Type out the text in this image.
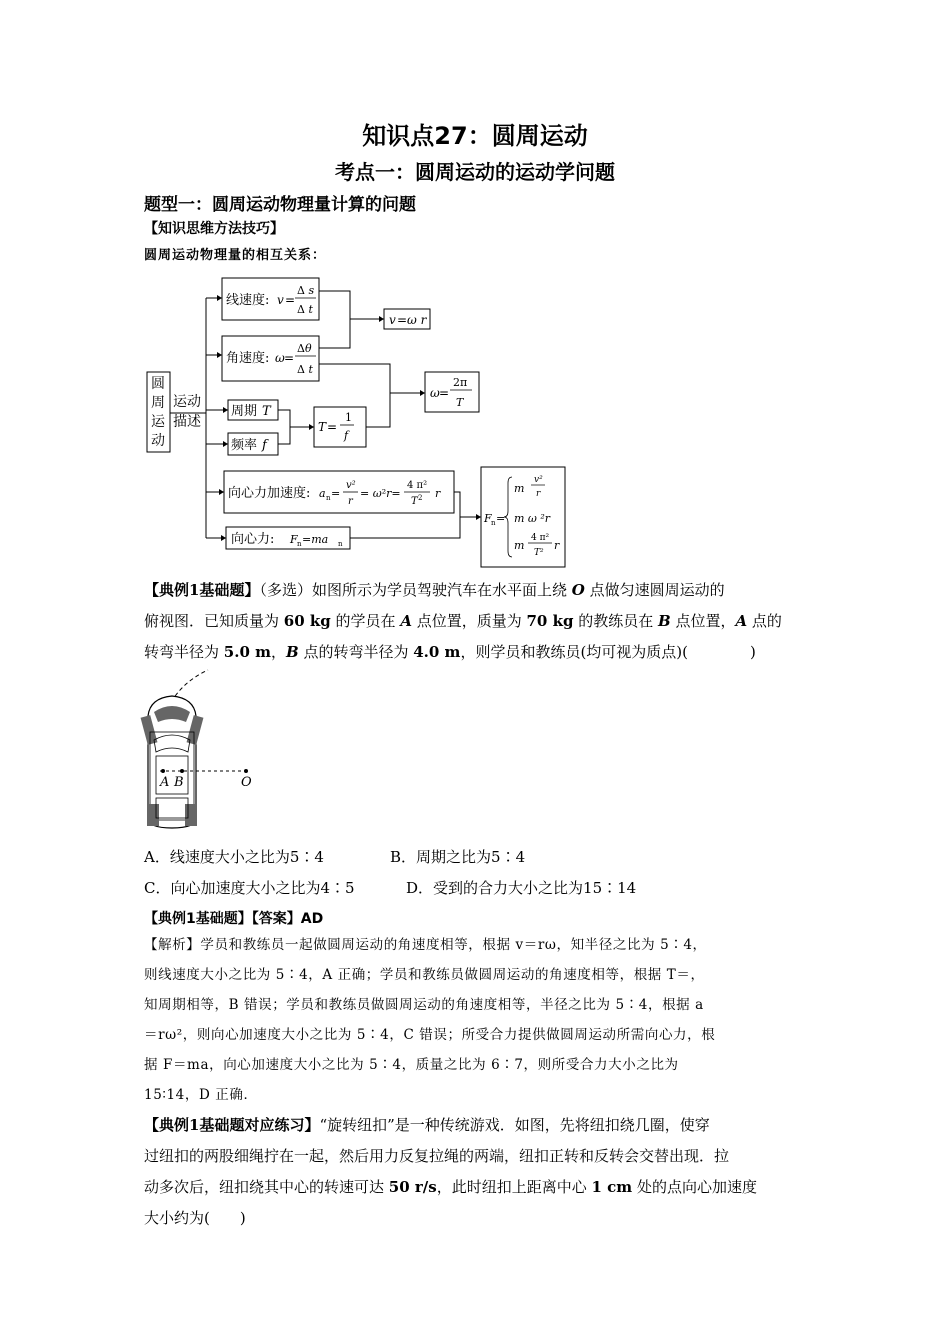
知识点27：圆周运动
考点一：圆周运动的运动学问题
题型一：圆周运动物理量计算的问题
【知识思维方法技巧】
圆周运动物理量的相互关系：
圆
周
运
动
运动
描述
线速度: v =
Δ s
Δ t
角速度: ω =
Δθ
Δ t
周期 T
频率 f
T =
1
f
v = ω r
ω =
2π
T
向心力加速度: a n =
v²
r
= ω²r=
4 π²
T 2 r
向心力: F n =ma n
F n =
m
v²
r
m ω ²r
m
4 π²
T²
r
【典例1基础题】（多选）如图所示为学员驾驶汽车在水平面上绕 O 点做匀速圆周运动的
俯视图．已知质量为 60 kg 的学员在 A 点位置，质量为 70 kg 的教练员在 B 点位置，A 点的
转弯半径为 5.0 m，B 点的转弯半径为 4.0 m，则学员和教练员(均可视为质点)(	)
A B	O
A．线速度大小之比为5∶4	B．周期之比为5∶4
C．向心加速度大小之比为4∶5	D．受到的合力大小之比为15∶14
【典例1基础题】【答案】AD
【解析】学员和教练员一起做圆周运动的角速度相等，根据 v＝rω，知半径之比为 5∶4，
则线速度大小之比为 5∶4，A 正确；学员和教练员做圆周运动的角速度相等，根据 T＝，
知周期相等，B 错误；学员和教练员做圆周运动的角速度相等，半径之比为 5∶4，根据 a
＝rω²，则向心加速度大小之比为 5∶4，C 错误；所受合力提供做圆周运动所需向心力，根
据 F＝ma，向心加速度大小之比为 5∶4，质量之比为 6∶7，则所受合力大小之比为
15∶14，D 正确．
【典例1基础题对应练习】“旋转纽扣”是一种传统游戏．如图，先将纽扣绕几圈，使穿
过纽扣的两股细绳拧在一起，然后用力反复拉绳的两端，纽扣正转和反转会交替出现．拉
动多次后，纽扣绕其中心的转速可达 50 r/s，此时纽扣上距离中心 1 cm 处的点向心加速度
大小约为(　　)
